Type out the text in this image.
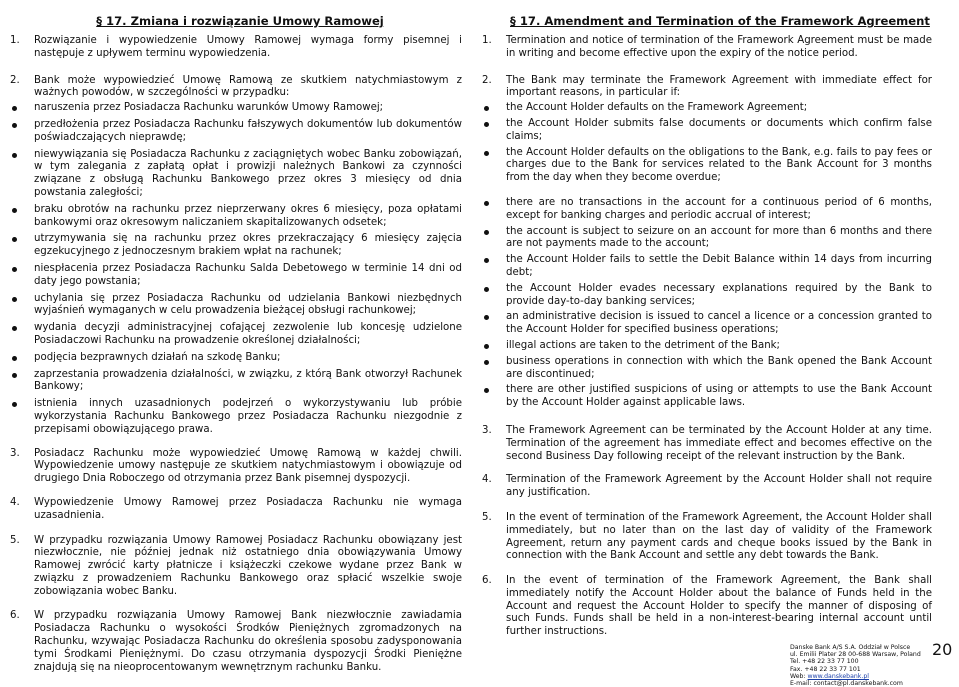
§ 17. Zmiana i rozwiązanie Umowy Ramowej

1. Rozwiązanie i wypowiedzenie Umowy Ramowej wymaga formy pisemnej i następuje z upływem terminu wypowiedzenia.

2. Bank może wypowiedzieć Umowę Ramową ze skutkiem natychmiastowym z ważnych powodów, w szczególności w przypadku:

naruszenia przez Posiadacza Rachunku warunków Umowy Ramowej;
przedłożenia przez Posiadacza Rachunku fałszywych dokumentów lub dokumentów poświadczających nieprawdę;
niewywiązania się Posiadacza Rachunku z zaciągniętych wobec Banku zobowiązań, w tym zalegania z zapłatą opłat i prowizji należnych Bankowi za czynności związane z obsługą Rachunku Bankowego przez okres 3 miesięcy od dnia powstania zaległości;
braku obrotów na rachunku przez nieprzerwany okres 6 miesięcy, poza opłatami bankowymi oraz okresowym naliczaniem skapitalizowanych odsetek;
utrzymywania się na rachunku przez okres przekraczający 6 miesięcy zajęcia egzekucyjnego z jednoczesnym brakiem wpłat na rachunek;
niespłacenia przez Posiadacza Rachunku Salda Debetowego w terminie 14 dni od daty jego powstania;
uchylania się przez Posiadacza Rachunku od udzielania Bankowi niezbędnych wyjaśnień wymaganych w celu prowadzenia bieżącej obsługi rachunkowej;
wydania decyzji administracyjnej cofającej zezwolenie lub koncesję udzielone Posiadaczowi Rachunku na prowadzenie określonej działalności;
podjęcia bezprawnych działań na szkodę Banku;
zaprzestania prowadzenia działalności, w związku, z którą Bank otworzył Rachunek Bankowy;
istnienia innych uzasadnionych podejrzeń o wykorzystywaniu lub próbie wykorzystania Rachunku Bankowego przez Posiadacza Rachunku niezgodnie z przepisami obowiązującego prawa.

3. Posiadacz Rachunku może wypowiedzieć Umowę Ramową w każdej chwili. Wypowiedzenie umowy następuje ze skutkiem natychmiastowym i obowiązuje od drugiego Dnia Roboczego od otrzymania przez Bank pisemnej dyspozycji.

4. Wypowiedzenie Umowy Ramowej przez Posiadacza Rachunku nie wymaga uzasadnienia.

5. W przypadku rozwiązania Umowy Ramowej Posiadacz Rachunku obowiązany jest niezwłocznie, nie później jednak niż ostatniego dnia obowiązywania Umowy Ramowej zwrócić karty płatnicze i książeczki czekowe wydane przez Bank w związku z prowadzeniem Rachunku Bankowego oraz spłacić wszelkie swoje zobowiązania wobec Banku.

6. W przypadku rozwiązania Umowy Ramowej Bank niezwłocznie zawiadamia Posiadacza Rachunku o wysokości Środków Pieniężnych zgromadzonych na Rachunku, wzywając Posiadacza Rachunku do określenia sposobu zadysponowania tymi Środkami Pieniężnymi. Do czasu otrzymania dyspozycji Środki Pieniężne znajdują się na nieoprocentowanym wewnętrznym rachunku Banku.

§ 17. Amendment and Termination of the Framework Agreement

1. Termination and notice of termination of the Framework Agreement must be made in writing and become effective upon the expiry of the notice period.

2. The Bank may terminate the Framework Agreement with immediate effect for important reasons, in particular if:

the Account Holder defaults on the Framework Agreement;
the Account Holder submits false documents or documents which confirm false claims;
the Account Holder defaults on the obligations to the Bank, e.g. fails to pay fees or charges due to the Bank for services related to the Bank Account for 3 months from the day when they become overdue;
there are no transactions in the account for a continuous period of 6 months, except for banking charges and periodic accrual of interest;
the account is subject to seizure on an account for more than 6 months and there are not payments made to the account;
the Account Holder fails to settle the Debit Balance within 14 days from incurring debt;
the Account Holder evades necessary explanations required by the Bank to provide day-to-day banking services;
an administrative decision is issued to cancel a licence or a concession granted to the Account Holder for specified business operations;
illegal actions are taken to the detriment of the Bank;
business operations in connection with which the Bank opened the Bank Account are discontinued;
there are other justified suspicions of using or attempts to use the Bank Account by the Account Holder against applicable laws.

3. The Framework Agreement can be terminated by the Account Holder at any time. Termination of the agreement has immediate effect and becomes effective on the second Business Day following receipt of the relevant instruction by the Bank.

4. Termination of the Framework Agreement by the Account Holder shall not require any justification.

5. In the event of termination of the Framework Agreement, the Account Holder shall immediately, but no later than on the last day of validity of the Framework Agreement, return any payment cards and cheque books issued by the Bank in connection with the Bank Account and settle any debt towards the Bank.

6. In the event of termination of the Framework Agreement, the Bank shall immediately notify the Account Holder about the balance of Funds held in the Account and request the Account Holder to specify the manner of disposing of such Funds. Funds shall be held in a non-interest-bearing internal account until further instructions.

Danske Bank A/S S.A. Oddział w Polsce
ul. Emilii Plater 28 00-688 Warsaw, Poland
Tel. +48 22 33 77 100
Fax. +48 22 33 77 101
Web: www.danskebank.pl
E-mail: contact@pl.danskebank.com
20
